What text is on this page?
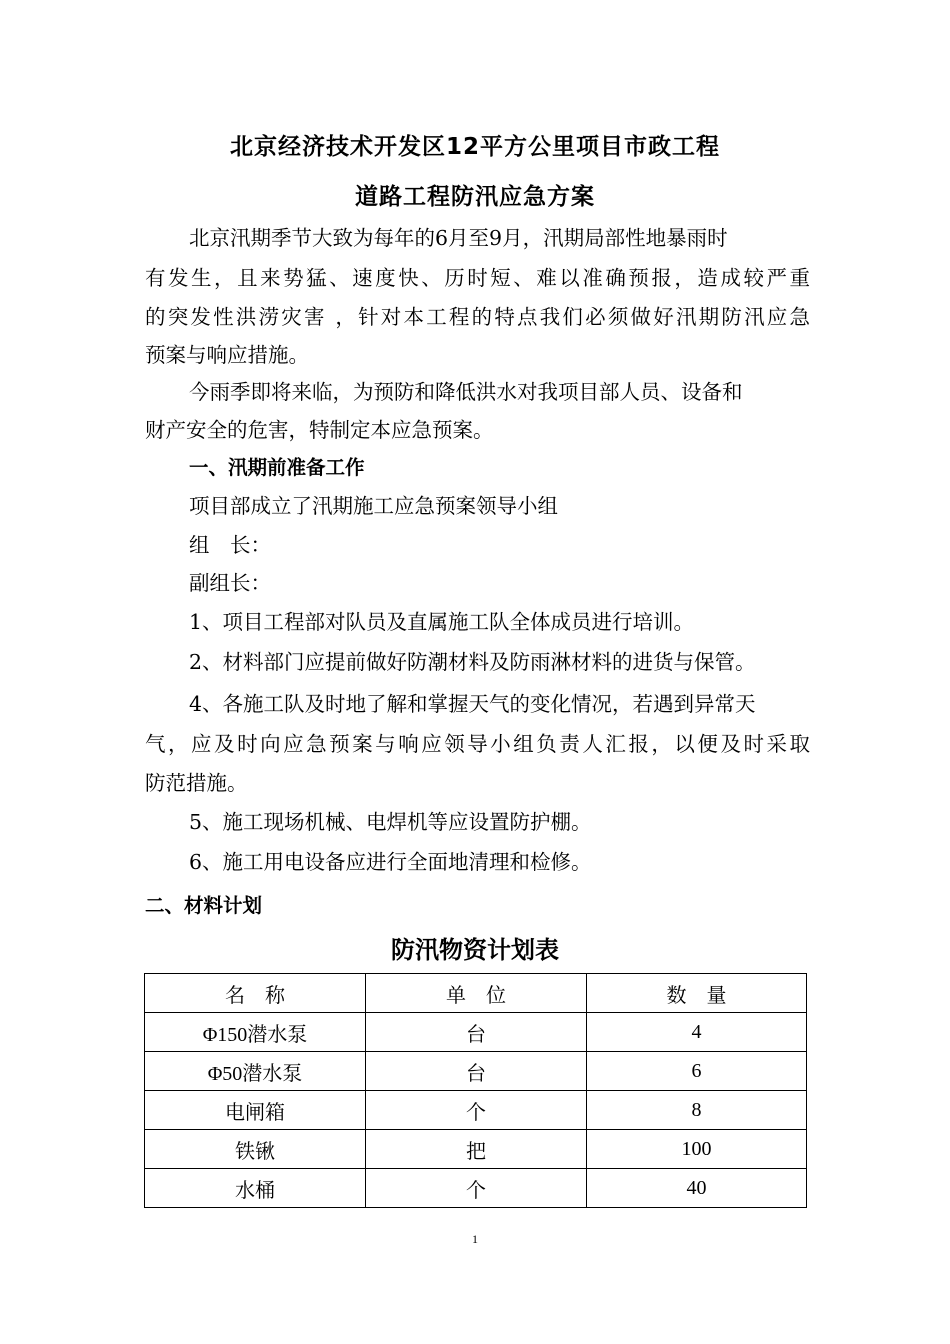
北京经济技术开发区12平方公里项目市政工程
道路工程防汛应急方案
北京汛期季节大致为每年的6月至9月，汛期局部性地暴雨时
有发生，且来势猛、速度快、历时短、难以准确预报，造成较严重
的突发性洪涝灾害 ，针对本工程的特点我们必须做好汛期防汛应急
预案与响应措施。
今雨季即将来临，为预防和降低洪水对我项目部人员、设备和
财产安全的危害，特制定本应急预案。
一、汛期前准备工作
项目部成立了汛期施工应急预案领导小组
组　长：
副组长：
1、项目工程部对队员及直属施工队全体成员进行培训。
2、材料部门应提前做好防潮材料及防雨淋材料的进货与保管。
4、各施工队及时地了解和掌握天气的变化情况，若遇到异常天
气，应及时向应急预案与响应领导小组负责人汇报，以便及时采取
防范措施。
5、施工现场机械、电焊机等应设置防护棚。
6、施工用电设备应进行全面地清理和检修。
二、材料计划
防汛物资计划表
名　称	单　位	数　量
Φ150潜水泵	台	4
Φ50潜水泵	台	6
电闸箱	个	8
铁锹	把	100
水桶	个	40
1
